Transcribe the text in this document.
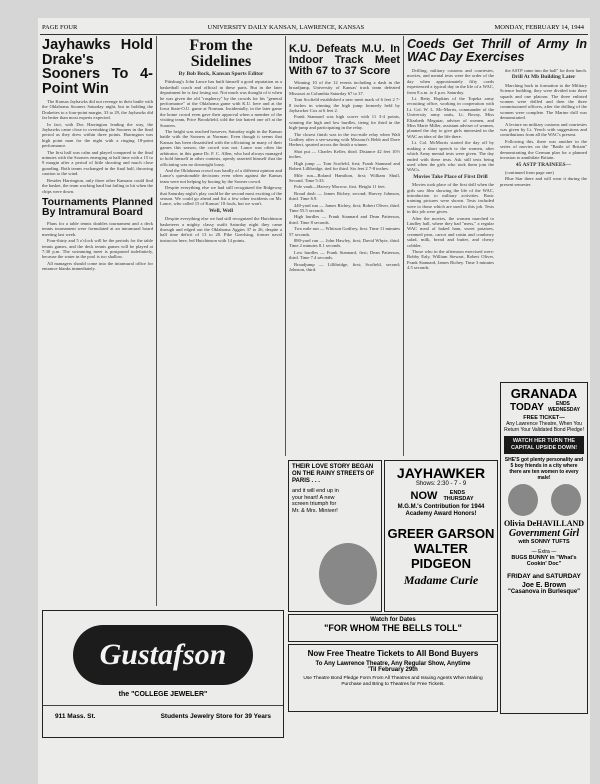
PAGE FOUR	UNIVERSITY DAILY KANSAN, LAWRENCE, KANSAS	MONDAY, FEBRUARY 14, 1944
Jayhawks Hold Drake's Sooners To 4-Point Win

The Kansas Jayhawks did not revenge in their battle with the Oklahoma Sooners Saturday night, but in holding the Drakeites to a four-point margin, 33 to 29, the Jayhawks did far better than most experts expected.

In fact, with Doc Harrington leading the way, the Jayhawks came close to overtaking the Sooners in the final period as they drew within three points. Harrington was high point man for the night with a ringing 18-point performance.

The first half was calm and played compared to the final minutes with the Sooners emerging at half time with a 15 to 9 margin after a period of little shooting and much close guarding. Both teams exchanged in the final half, throwing caution to the wind.

Besides Harrington, only three other Kansans could find the basket, the team working hard but failing to hit when the chips were down.

Tournaments Planned By Intramural Board

Plans for a table tennis doubles tournament and a deck tennis tournament were formulated at an intramural board meeting last week.

Four-thirty and 5 o'clock will be the periods for the table tennis games, and the deck tennis games will be played at 7:30 p.m. The swimming meet is postponed indefinitely, because the water in the pool is too shallow.

All managers should come into the intramural office for entrance blanks immediately.

From the Sidelines
By Bob Bock, Kansan Sports Editor

Pittsburg's John Lance has built himself a good reputation as a basketball coach and official in these parts. But in the later department he is fast losing out. Not much was thought of it when he was given the old "raspberry" by the crowds for his "general performance" at the Oklahoma game with K.U. here and at the Iowa State-O.U. game at Norman. Incidentally, in the later game the home crowd even gave their approval when a member of the visiting team, Price Brookfield, told the fair haired one off at the Sooners.

The height was reached however, Saturday night in the Kansas battle with the Sooners at Norman. Even though it seems that Kansas has been dissatisfied with the officiating in many of their games this season, the crowd was not. Lance was often the arbitrator; in this game Dr. F. C. Allen, who had always managed to hold himself in other contests, openly asserted himself that the officiating was no downright lousy.

And the Oklahoma crowd was hardly of a different opinion and Lance's questionable decisions even when against the Kansas team were not helping by booing by the Sooner crowd.

Despite everything else we had still recognized the Ridgeway that Saturday night's play could be the second most exciting of the season. We could go ahead and list a few other incidents on Mr. Lance, who called 15 of Kansas' 18 fouls, but we won't.

Well, Well

Despite everything else we had still recognized the Hutchinson basketeers a mighty classy outfit Saturday night they came through and edged out the Oklahoma Aggies 37 to 26, despite a half time deficit of 13 to 20. Pike Goerlsing, former naval instructor here, led Hutchinson with 14 points.

K.U. Defeats M.U. In Indoor Track Meet With 67 to 37 Score

Winning 10 of the 12 events including a dash in the broadjump, University of Kansas' track team defeated Missouri at Columbia Saturday 67 to 37.

Tom Scofield established a new meet mark of 6 feet 2 7-8 inches in winning the high jump formerly held by Jayhawker Cox at 6 feet 2.

Frank Stannard was high scorer with 11 3-4 points, winning the high and low hurdles, tieing for third in the high-jump and participating in the relay.

The closest finish was in the two-mile relay when Walt Godfrey after a see-sawing with Missouri's Bebb and Dave Herbert, spurted across the finish a winner.

Shot put — Charles Keller, third. Distance 42 feet 10½ inches.

High jump — Tom Scofield, first; Frank Stannard and Robert Lillibridge, tied for third. Six feet 2 7-8 inches.

Mile run—Roland Hamilton, first; William Shull, Second. Time 5:33.

Pole vault—Harvey Morrow, first. Height 11 feet.

Broad dash — James Richey, second; Harvey Johnson, third. Time 6.9.

440-yard run — James Richey, first; Robert Oliver, third. Time 55.5 seconds.

High hurdles — Frank Stannard and Dean Patterson, third. Time 8 seconds.

Two mile run — Whitson Godfrey, first. Time 11 minutes 57 seconds.

880-yard run — John Hawley, first; David Whyte, third. Time 2 minutes 8.1 seconds.

Low hurdles — Frank Stannard, first; Dean Patterson, third. Time 7.4 seconds.

Broadjump — Lillibridge, first; Scofield, second; Johnson, third.

Coeds Get Thrill of Army In WAC Day Exercises

Drilling, military customs and courtesies, movies, and mental tests were the order of the day when approximately fifty coeds experienced a typical day in the life of a WAC, from 8 a.m. to 4 p.m. Saturday.

Lt. Betty Hopkins of the Topeka army recruiting office, working in cooperation with Lt. Col. W. L. Mc-Morris, commander of the University army units, Lt. Bovay, Miss Elizabeth Meguiar, adviser of women, and Miss Marie Miller, assistant adviser of women, planned the day to give girls interested in the WAC an idea of the life there.

Lt. Col. McMorris started the day off by making a short speech to the women, after which Army mental tests were given. The day ended with these tests. Ask still tests being used when the girls who took them join the WACs.

Movies Take Place of First Drill

Movies took place of the first drill when the girls saw film showing the life of the WAC, introduction to military activities. Basic training pictures were shown. Tests included were to those which are used in this job. Tests in this job were given.

After the movies, the women marched to Lindley hall, where they had "mess," a regular WAC meal of baked ham, sweet potatoes, creamed peas, carrot and raisin and cranberry salad, milk, bread and butter, and cherry cobbler.

Those who in the afternoon exercised were: Bobby Ealy, William Stewart, Robert Oliver, Frank Stannard, James Richey. Time 3 minutes 4.5 seconds.

the ASTP came into the hall" for their lunch.

Drill At Mb Building Later

Marching back in formation to the Military Science building, they were divided into three squads and one platoon. The three enlisted women were drilled and then the three commissioned officers, after the drilling of the women were complete. The Marine drill was demonstrated.

A lecture on military customs and courtesies was given by Lt. Yeoch with suggestions and contributions from all the WAC's present.

Following this, there was another in the series of movies on the "Battle of Britain" demonstrating the German plan for a planned invasion to annihilate Britain.

45 ASTP TRAINEES—

(continued from page one)

Blue Star there and will wear it during the present semester.

Gustafson
the "COLLEGE JEWELER"
911 Mass. St.	Students Jewelry Store for 39 Years
THEIR LOVE STORY BEGAN ON THE RAINY STREETS OF PARIS . . .
and it will end up in your heart! A new screen triumph for Mr. & Mrs. Miniver!
JAYHAWKER
Shows: 2:30 - 7 - 9
NOW	ENDS THURSDAY
M.G.M.'s Contribution for 1944 Academy Award Honors!
GREER GARSON
WALTER PIDGEON
Madame Curie
Watch for Dates
"FOR WHOM THE BELLS TOLL"
Now Free Theatre Tickets to All Bond Buyers
To Any Lawrence Theatre, Any Regular Show, Anytime
'Til February 29th
Use Theatre Bond Pledge Form From All Theatres and Issuing Agents When Making Purchase and Bring to Theatres for Free Tickets.
GRANADA
TODAY	ENDS WEDNESDAY
FREE TICKET—
Any Lawrence Theatre, When You Return Your Validated Bond Pledge!
WATCH HER TURN THE CAPITAL UPSIDE DOWN!
SHE'S got plenty personality and 5 boy friends in a city where there are ten women to every male!
Olivia DeHAVILLAND
Government Girl
with SONNY TUFTS
— Extra —
BUGS BUNNY in "What's Cookin' Doc"
FRIDAY and SATURDAY
Joe E. Brown
"Casanova in Burlesque"
